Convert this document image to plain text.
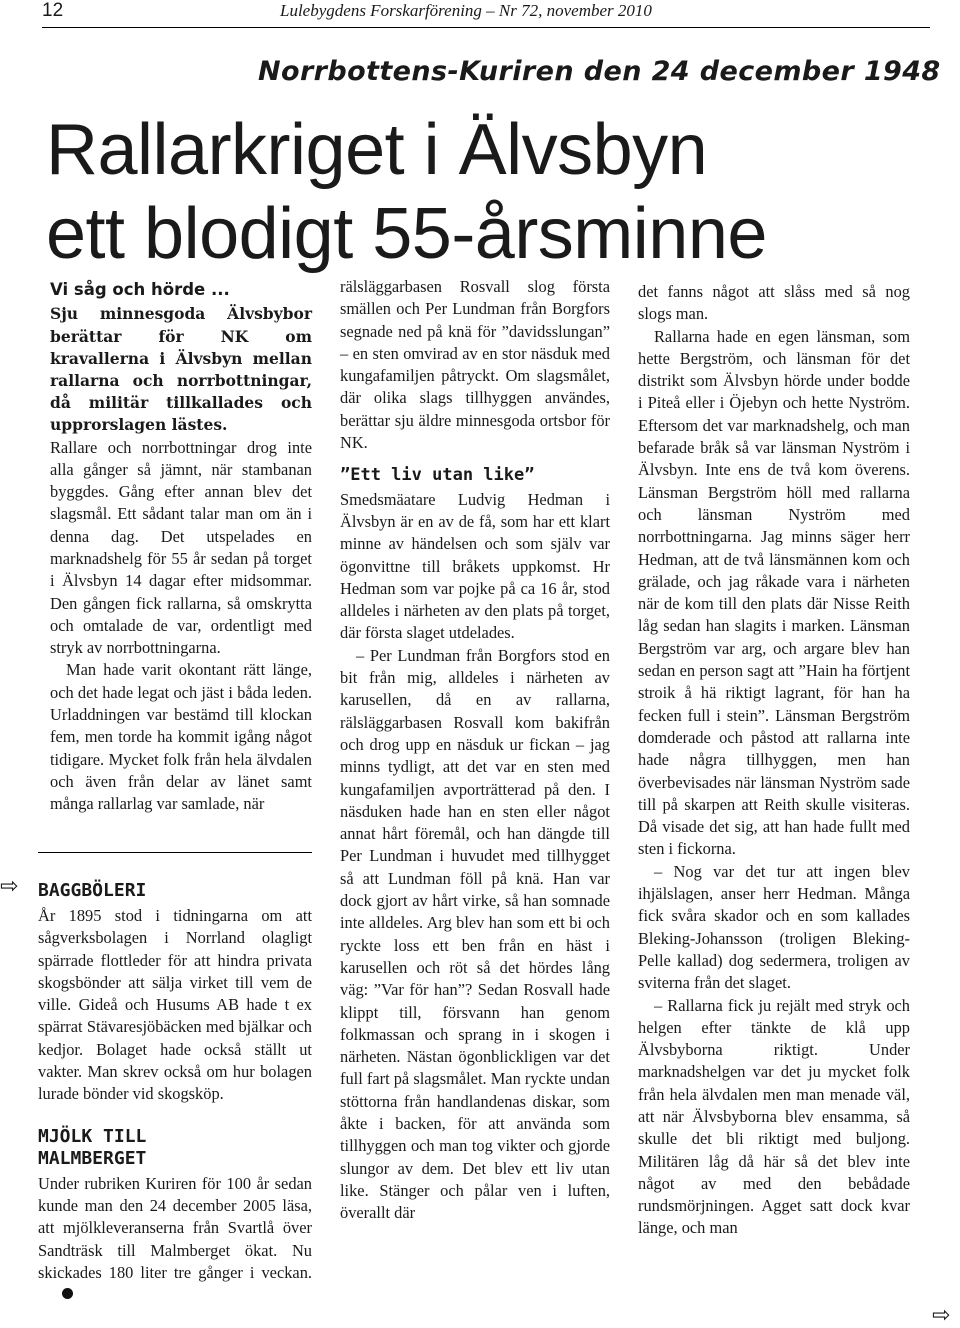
12	Lulebygdens Forskarförening – Nr 72, november 2010
Norrbottens-Kuriren den 24 december 1948
Rallarkriget i Älvsbyn
ett blodigt 55-årsminne

Vi såg och hörde ...

Sju minnesgoda Älvsbybor berättar för NK om kravallerna i Älvsbyn mellan rallarna och norrbottningar, då militär tillkallades och upprorslagen lästes.

Rallare och norrbottningar drog inte alla gånger så jämnt, när stambanan byggdes. Gång efter annan blev det slagsmål. Ett sådant talar man om än i denna dag. Det utspelades en marknadshelg för 55 år sedan på torget i Älvsbyn 14 dagar efter midsommar. Den gången fick rallarna, så omskrytta och omtalade de var, ordentligt med stryk av norrbottningarna.

Man hade varit okontant rätt länge, och det hade legat och jäst i båda leden. Urladdningen var bestämd till klockan fem, men torde ha kommit igång något tidigare. Mycket folk från hela älvdalen och även från delar av länet samt många rallarlag var samlade, när

⇨ BAGGBÖLERI

År 1895 stod i tidningarna om att sågverksbolagen i Norrland olagligt spärrade flottleder för att hindra privata skogsbönder att sälja virket till vem de ville. Gideå och Husums AB hade t ex spärrat Stävaresjöbäcken med bjälkar och kedjor. Bolaget hade också ställt ut vakter. Man skrev också om hur bolagen lurade bönder vid skogsköp.

MJÖLK TILL
MALMBERGET

Under rubriken Kuriren för 100 år sedan kunde man den 24 december 2005 läsa, att mjölkleveranserna från Svartlå över Sandträsk till Malmberget ökat. Nu skickades 180 liter tre gånger i veckan.

rälsläggarbasen Rosvall slog första smällen och Per Lundman från Borgfors segnade ned på knä för ”davidsslungan” – en sten omvirad av en stor näsduk med kungafamiljen påtryckt. Om slagsmålet, där olika slags tillhyggen användes, berättar sju äldre minnesgoda ortsbor för NK.

”Ett liv utan like”

Smedsmäatare Ludvig Hedman i Älvsbyn är en av de få, som har ett klart minne av händelsen och som själv var ögonvittne till bråkets uppkomst. Hr Hedman som var pojke på ca 16 år, stod alldeles i närheten av den plats på torget, där första slaget utdelades.

– Per Lundman från Borgfors stod en bit från mig, alldeles i närheten av karusellen, då en av rallarna, rälsläggarbasen Rosvall kom bakifrån och drog upp en näsduk ur fickan – jag minns tydligt, att det var en sten med kungafamiljen avporträtterad på den. I näsduken hade han en sten eller något annat hårt föremål, och han dängde till Per Lundman i huvudet med tillhygget så att Lundman föll på knä. Han var dock gjort av hårt virke, så han somnade inte alldeles. Arg blev han som ett bi och ryckte loss ett ben från en häst i karusellen och röt så det hördes lång väg: ”Var för han”? Sedan Rosvall hade klippt till, försvann han genom folkmassan och sprang in i skogen i närheten. Nästan ögonblickligen var det full fart på slagsmålet. Man ryckte undan stöttorna från handlandenas diskar, som åkte i backen, för att använda som tillhyggen och man tog vikter och gjorde slungor av dem. Det blev ett liv utan like. Stänger och pålar ven i luften, överallt där

det fanns något att slåss med så nog slogs man.

Rallarna hade en egen länsman, som hette Bergström, och länsman för det distrikt som Älvsbyn hörde under bodde i Piteå eller i Öjebyn och hette Nyström. Eftersom det var marknadshelg, och man befarade bråk så var länsman Nyström i Älvsbyn. Inte ens de två kom överens. Länsman Bergström höll med rallarna och länsman Nyström med norrbottningarna. Jag minns säger herr Hedman, att de två länsmännen kom och grälade, och jag råkade vara i närheten när de kom till den plats där Nisse Reith låg sedan han slagits i marken. Länsman Bergström var arg, och argare blev han sedan en person sagt att ”Hain ha förtjent stroik å hä riktigt lagrant, för han ha fecken full i stein”. Länsman Bergström domderade och påstod att rallarna inte hade några tillhyggen, men han överbevisades när länsman Nyström sade till på skarpen att Reith skulle visiteras. Då visade det sig, att han hade fullt med sten i fickorna.

– Nog var det tur att ingen blev ihjälslagen, anser herr Hedman. Många fick svåra skador och en som kallades Bleking-Johansson (troligen Bleking-Pelle kallad) dog sedermera, troligen av sviterna från det slaget.

– Rallarna fick ju rejält med stryk och helgen efter tänkte de klå upp Älvsbyborna riktigt. Under marknadshelgen var det ju mycket folk från hela älvdalen men man menade väl, att när Älvsbyborna blev ensamma, så skulle det bli riktigt med buljong. Militären låg då här så det blev inte något av med den bebådade rundsmörjningen. Agget satt dock kvar länge, och man

⇨
